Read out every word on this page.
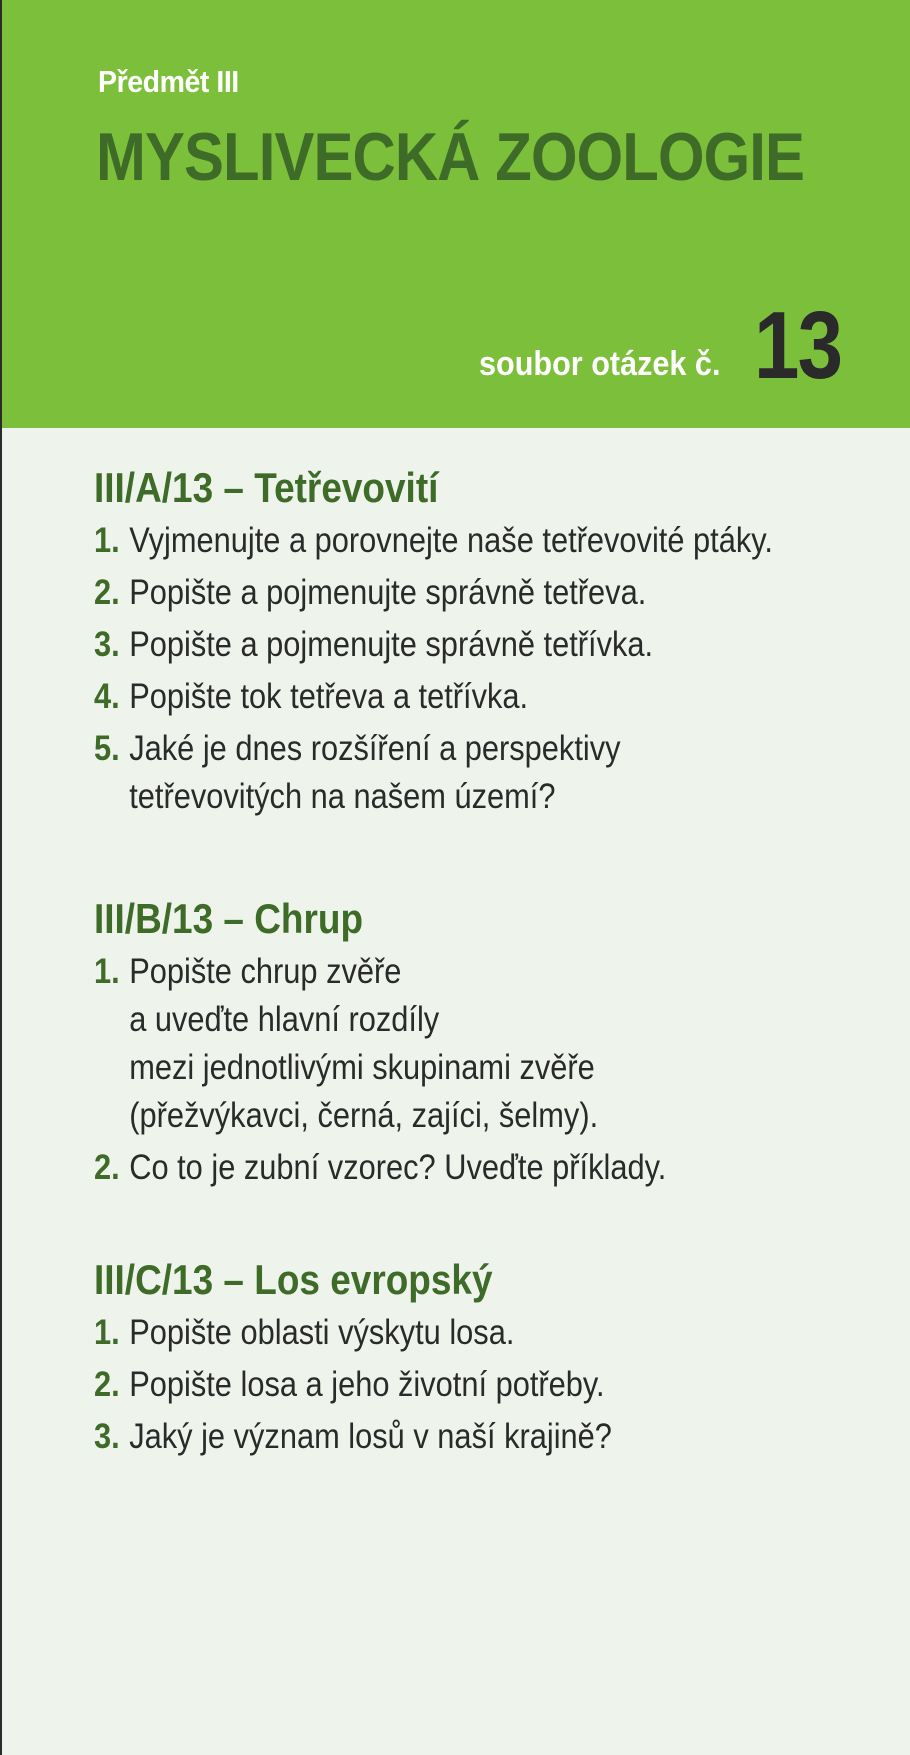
Předmět III
MYSLIVECKÁ ZOOLOGIE
soubor otázek č. 13
III/A/13 – Tetřevovití
1. Vyjmenujte a porovnejte naše tetřevovité ptáky.
2. Popište a pojmenujte správně tetřeva.
3. Popište a pojmenujte správně tetřívka.
4. Popište tok tetřeva a tetřívka.
5. Jaké je dnes rozšíření a perspektivy
tetřevovitých na našem území?
III/B/13 – Chrup
1. Popište chrup zvěře
a uveďte hlavní rozdíly
mezi jednotlivými skupinami zvěře
(přežvýkavci, černá, zajíci, šelmy).
2. Co to je zubní vzorec? Uveďte příklady.
III/C/13 – Los evropský
1. Popište oblasti výskytu losa.
2. Popište losa a jeho životní potřeby.
3. Jaký je význam losů v naší krajině?
